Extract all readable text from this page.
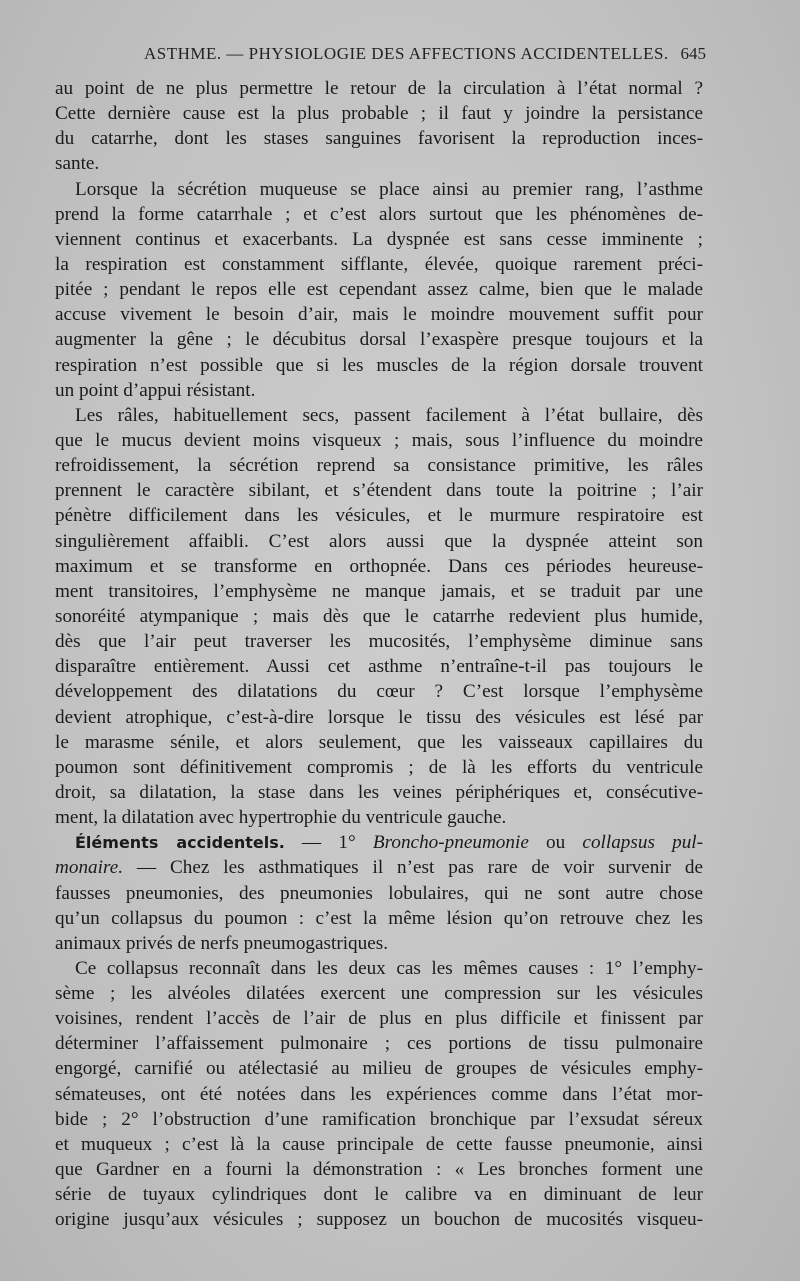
ASTHME. — PHYSIOLOGIE DES AFFECTIONS ACCIDENTELLES. 645
au point de ne plus permettre le retour de la circulation à l’état normal ?
Cette dernière cause est la plus probable ; il faut y joindre la persistance
du catarrhe, dont les stases sanguines favorisent la reproduction inces-
sante.
Lorsque la sécrétion muqueuse se place ainsi au premier rang, l’asthme
prend la forme catarrhale ; et c’est alors surtout que les phénomènes de-
viennent continus et exacerbants. La dyspnée est sans cesse imminente ;
la respiration est constamment sifflante, élevée, quoique rarement préci-
pitée ; pendant le repos elle est cependant assez calme, bien que le malade
accuse vivement le besoin d’air, mais le moindre mouvement suffit pour
augmenter la gêne ; le décubitus dorsal l’exaspère presque toujours et la
respiration n’est possible que si les muscles de la région dorsale trouvent
un point d’appui résistant.
Les râles, habituellement secs, passent facilement à l’état bullaire, dès
que le mucus devient moins visqueux ; mais, sous l’influence du moindre
refroidissement, la sécrétion reprend sa consistance primitive, les râles
prennent le caractère sibilant, et s’étendent dans toute la poitrine ; l’air
pénètre difficilement dans les vésicules, et le murmure respiratoire est
singulièrement affaibli. C’est alors aussi que la dyspnée atteint son
maximum et se transforme en orthopnée. Dans ces périodes heureuse-
ment transitoires, l’emphysème ne manque jamais, et se traduit par une
sonoréité atympanique ; mais dès que le catarrhe redevient plus humide,
dès que l’air peut traverser les mucosités, l’emphysème diminue sans
disparaître entièrement. Aussi cet asthme n’entraîne-t-il pas toujours le
développement des dilatations du cœur ? C’est lorsque l’emphysème
devient atrophique, c’est-à-dire lorsque le tissu des vésicules est lésé par
le marasme sénile, et alors seulement, que les vaisseaux capillaires du
poumon sont définitivement compromis ; de là les efforts du ventricule
droit, sa dilatation, la stase dans les veines périphériques et, consécutive-
ment, la dilatation avec hypertrophie du ventricule gauche.
Éléments accidentels. — 1° Broncho-pneumonie ou collapsus pul-
monaire. — Chez les asthmatiques il n’est pas rare de voir survenir de
fausses pneumonies, des pneumonies lobulaires, qui ne sont autre chose
qu’un collapsus du poumon : c’est la même lésion qu’on retrouve chez les
animaux privés de nerfs pneumogastriques.
Ce collapsus reconnaît dans les deux cas les mêmes causes : 1° l’emphy-
sème ; les alvéoles dilatées exercent une compression sur les vésicules
voisines, rendent l’accès de l’air de plus en plus difficile et finissent par
déterminer l’affaissement pulmonaire ; ces portions de tissu pulmonaire
engorgé, carnifié ou atélectasié au milieu de groupes de vésicules emphy-
sémateuses, ont été notées dans les expériences comme dans l’état mor-
bide ; 2° l’obstruction d’une ramification bronchique par l’exsudat séreux
et muqueux ; c’est là la cause principale de cette fausse pneumonie, ainsi
que Gardner en a fourni la démonstration : « Les bronches forment une
série de tuyaux cylindriques dont le calibre va en diminuant de leur
origine jusqu’aux vésicules ; supposez un bouchon de mucosités visqueu-
